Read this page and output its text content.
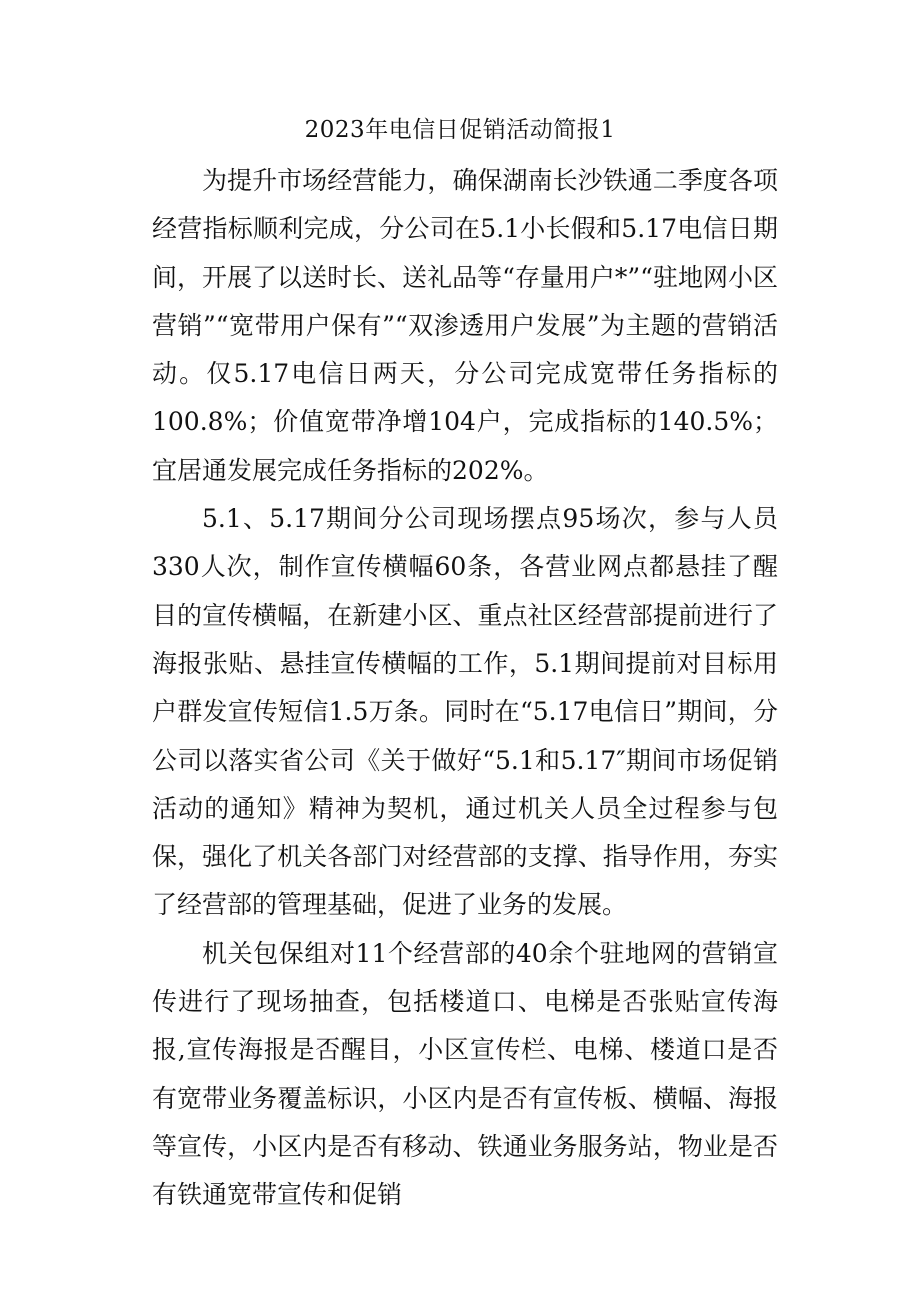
2023年电信日促销活动简报1

为提升市场经营能力，确保湖南长沙铁通二季度各项经营指标顺利完成，分公司在5.1小长假和5.17电信日期间，开展了以送时长、送礼品等“存量用户*”“驻地网小区营销”“宽带用户保有”“双渗透用户发展”为主题的营销活动。仅5.17电信日两天，分公司完成宽带任务指标的100.8%；价值宽带净增104户，完成指标的140.5%；宜居通发展完成任务指标的202%。

5.1、5.17期间分公司现场摆点95场次，参与人员330人次，制作宣传横幅60条，各营业网点都悬挂了醒目的宣传横幅，在新建小区、重点社区经营部提前进行了海报张贴、悬挂宣传横幅的工作，5.1期间提前对目标用户群发宣传短信1.5万条。同时在“5.17电信日”期间，分公司以落实省公司《关于做好“5.1和5.17″期间市场促销活动的通知》精神为契机，通过机关人员全过程参与包保，强化了机关各部门对经营部的支撑、指导作用，夯实了经营部的管理基础，促进了业务的发展。

机关包保组对11个经营部的40余个驻地网的营销宣传进行了现场抽查，包括楼道口、电梯是否张贴宣传海报,宣传海报是否醒目，小区宣传栏、电梯、楼道口是否有宽带业务覆盖标识，小区内是否有宣传板、横幅、海报等宣传，小区内是否有移动、铁通业务服务站，物业是否有铁通宽带宣传和促销
